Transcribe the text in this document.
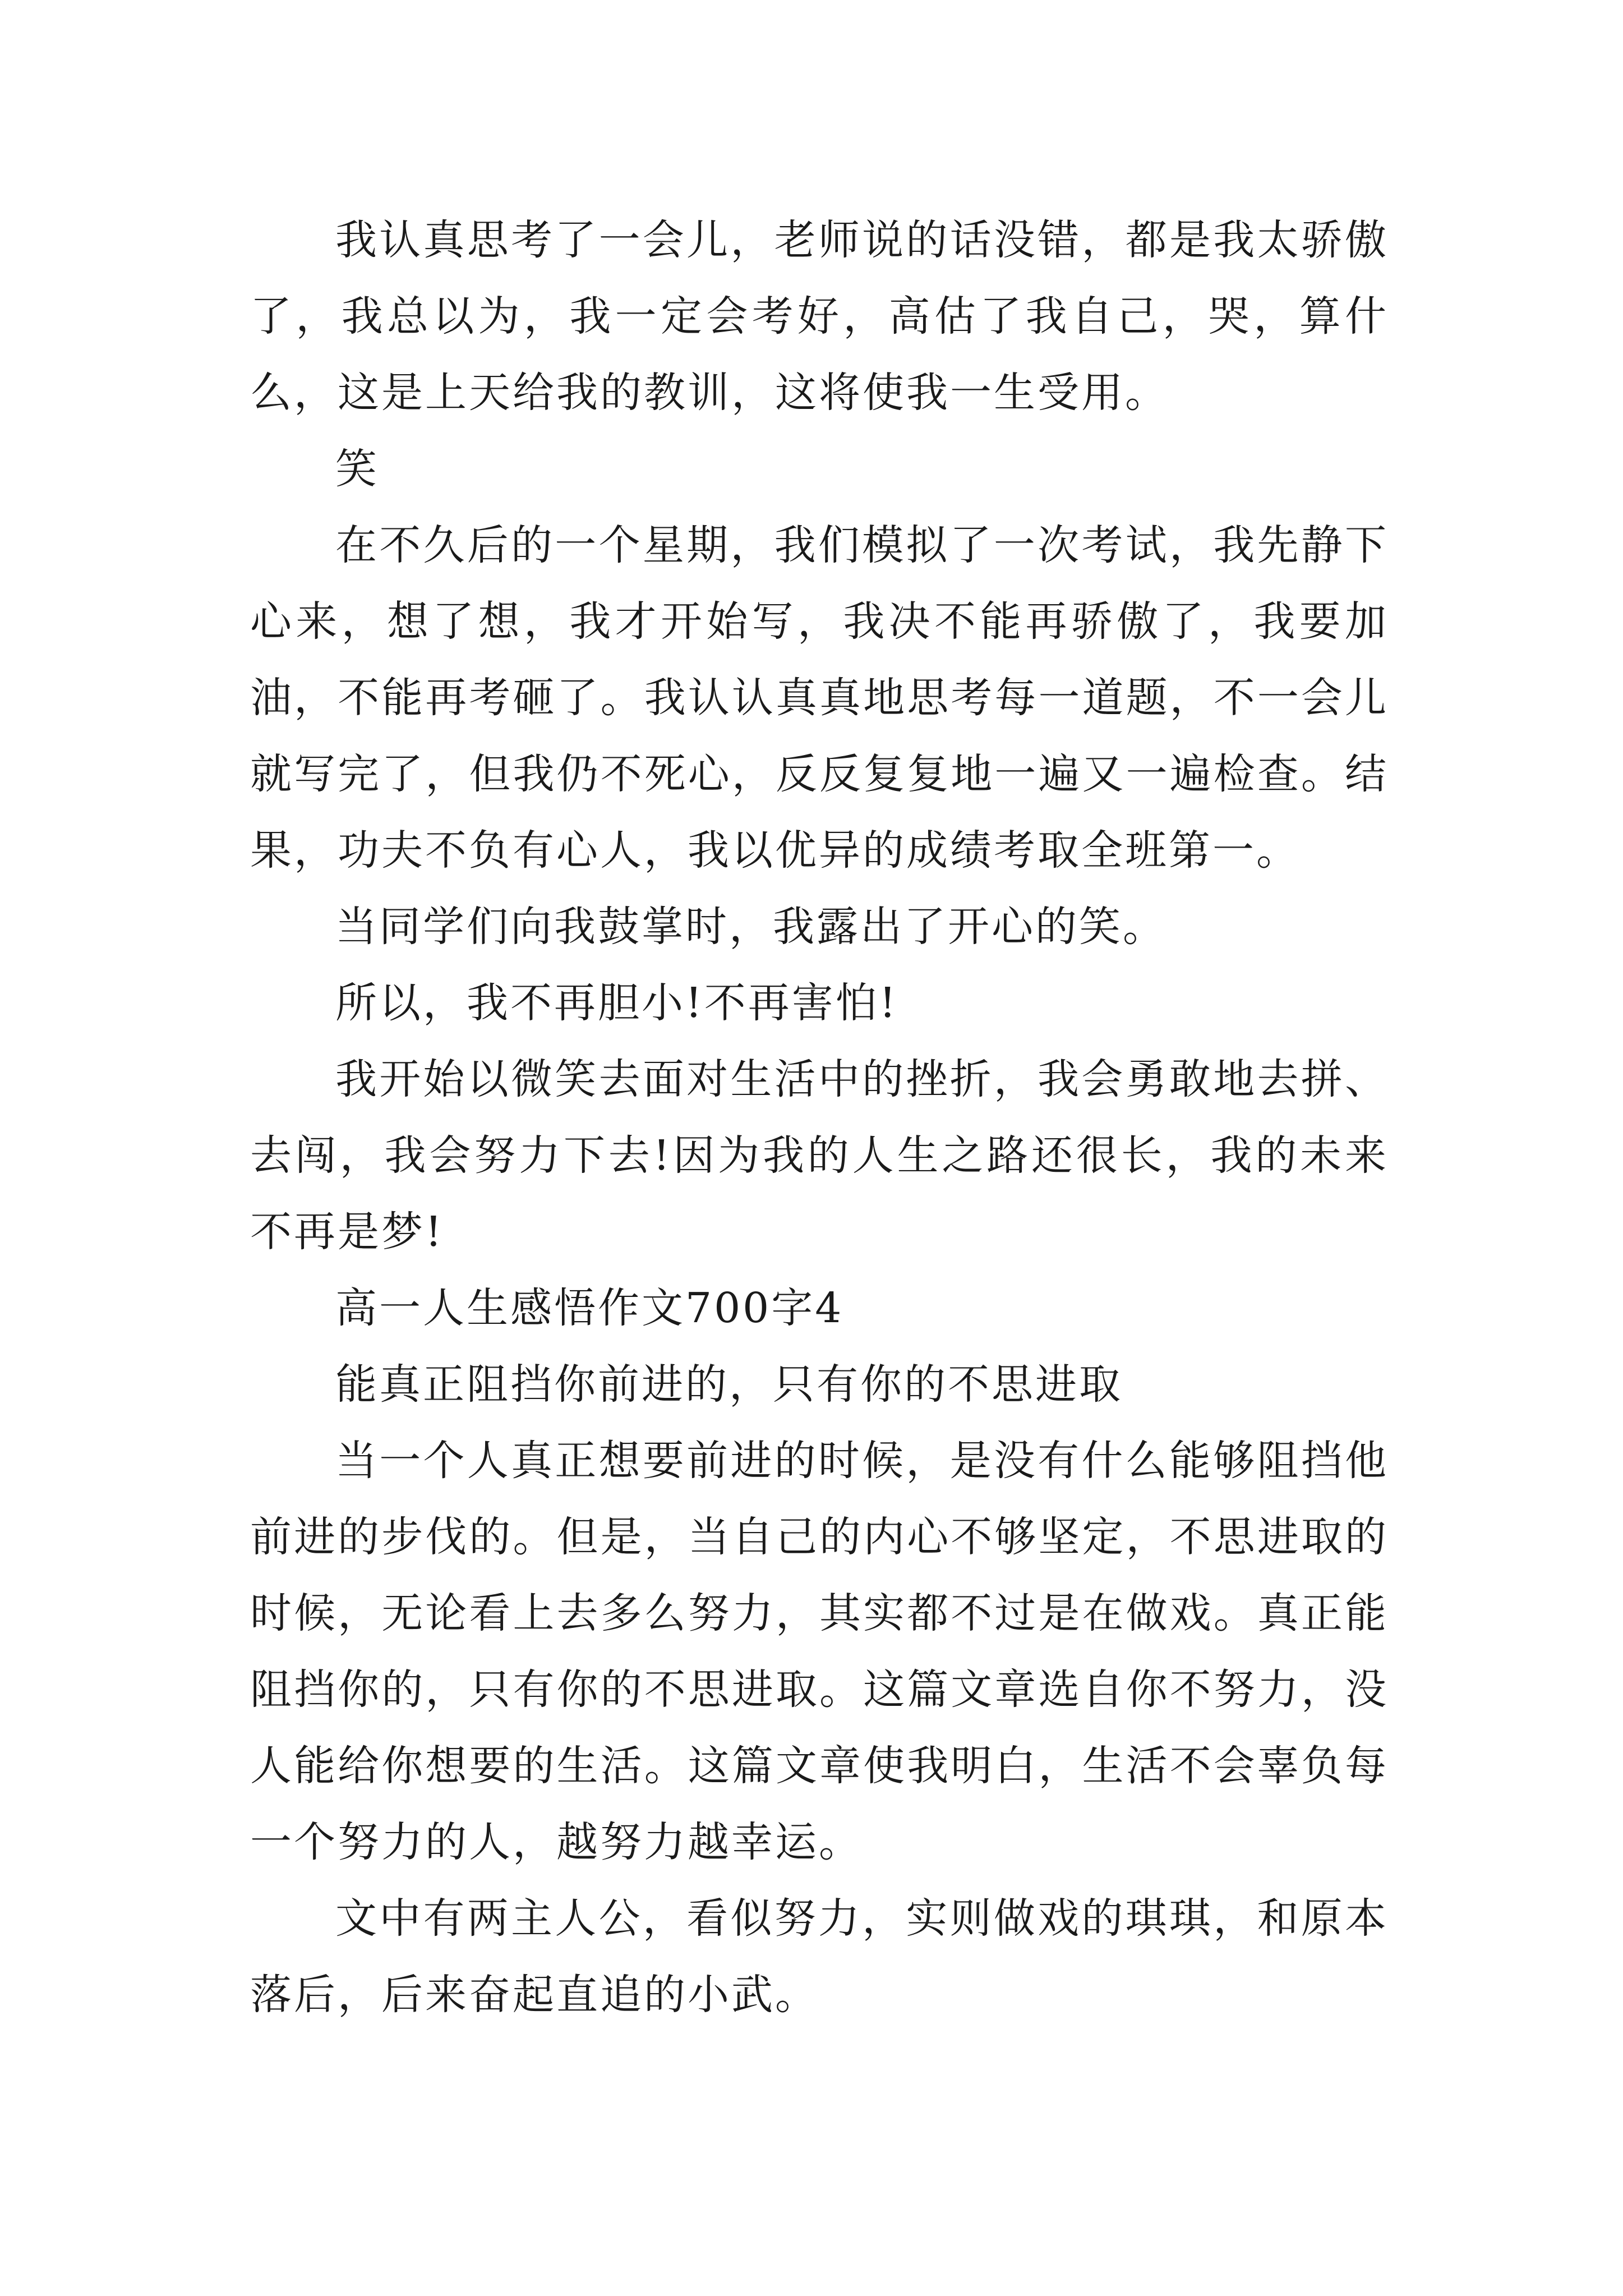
我认真思考了一会儿，老师说的话没错，都是我太骄傲了，我总以为，我一定会考好，高估了我自己，哭，算什么，这是上天给我的教训，这将使我一生受用。

笑

在不久后的一个星期，我们模拟了一次考试，我先静下心来，想了想，我才开始写，我决不能再骄傲了，我要加油，不能再考砸了。我认认真真地思考每一道题，不一会儿就写完了，但我仍不死心，反反复复地一遍又一遍检查。结果，功夫不负有心人，我以优异的成绩考取全班第一。

当同学们向我鼓掌时，我露出了开心的笑。

所以，我不再胆小!不再害怕!

我开始以微笑去面对生活中的挫折，我会勇敢地去拼、去闯，我会努力下去!因为我的人生之路还很长，我的未来不再是梦!

高一人生感悟作文700字4

能真正阻挡你前进的，只有你的不思进取

当一个人真正想要前进的时候，是没有什么能够阻挡他前进的步伐的。但是，当自己的内心不够坚定，不思进取的时候，无论看上去多么努力，其实都不过是在做戏。真正能阻挡你的，只有你的不思进取。这篇文章选自你不努力，没人能给你想要的生活。这篇文章使我明白，生活不会辜负每一个努力的人，越努力越幸运。

文中有两主人公，看似努力，实则做戏的琪琪，和原本落后，后来奋起直追的小武。
